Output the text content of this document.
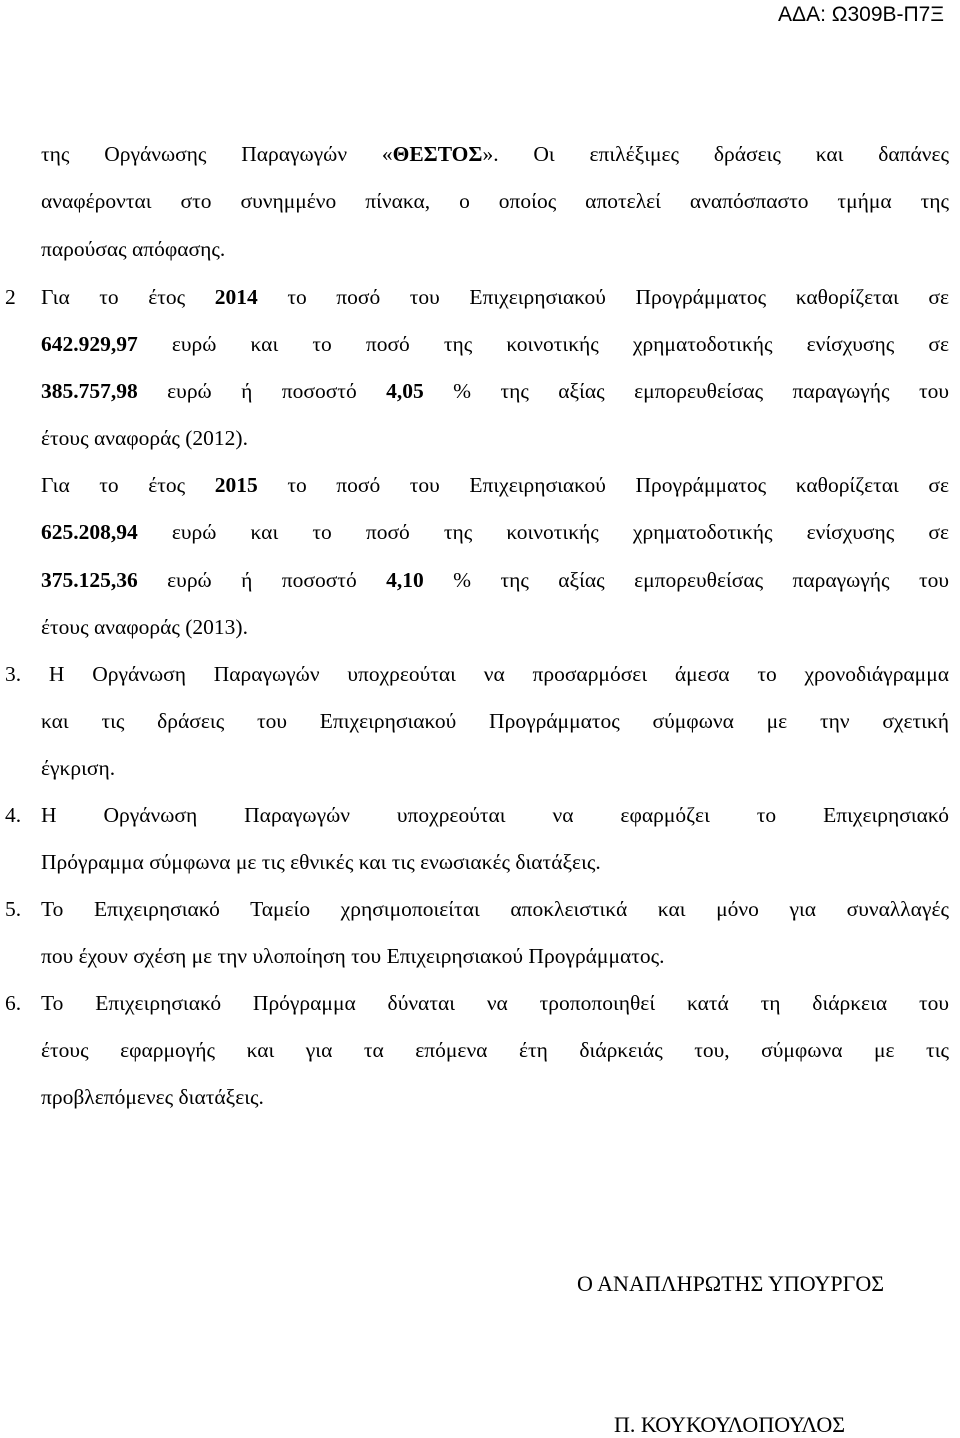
ΑΔΑ: Ω309Β-Π7Ξ
της Οργάνωσης Παραγωγών «ΘΕΣΤΟΣ». Οι επιλέξιμες δράσεις και δαπάνες
αναφέρονται στο συνημμένο πίνακα, ο οποίος αποτελεί αναπόσπαστο τμήμα της
παρούσας απόφασης.
2 Για το έτος 2014 το ποσό του Επιχειρησιακού Προγράμματος καθορίζεται σε
642.929,97 ευρώ και το ποσό της κοινοτικής χρηματοδοτικής ενίσχυσης σε
385.757,98 ευρώ ή ποσοστό 4,05 % της αξίας εμπορευθείσας παραγωγής του
έτους αναφοράς (2012).
Για το έτος 2015 το ποσό του Επιχειρησιακού Προγράμματος καθορίζεται σε
625.208,94 ευρώ και το ποσό της κοινοτικής χρηματοδοτικής ενίσχυσης σε
375.125,36 ευρώ ή ποσοστό 4,10 % της αξίας εμπορευθείσας παραγωγής του
έτους αναφοράς (2013).
3. Η Οργάνωση Παραγωγών υποχρεούται να προσαρμόσει άμεσα το χρονοδιάγραμμα
και τις δράσεις του Επιχειρησιακού Προγράμματος σύμφωνα με την σχετική
έγκριση.
4. Η Οργάνωση Παραγωγών υποχρεούται να εφαρμόζει το Επιχειρησιακό
Πρόγραμμα σύμφωνα με τις εθνικές και τις ενωσιακές διατάξεις.
5. Το Επιχειρησιακό Ταμείο χρησιμοποιείται αποκλειστικά και μόνο για συναλλαγές
που έχουν σχέση με την υλοποίηση του Επιχειρησιακού Προγράμματος.
6. Το Επιχειρησιακό Πρόγραμμα δύναται να τροποποιηθεί κατά τη διάρκεια του
έτους εφαρμογής και για τα επόμενα έτη διάρκειάς του, σύμφωνα με τις
προβλεπόμενες διατάξεις.
Ο ΑΝΑΠΛΗΡΩΤΗΣ ΥΠΟΥΡΓΟΣ
Π. ΚΟΥΚΟΥΛΟΠΟΥΛΟΣ
